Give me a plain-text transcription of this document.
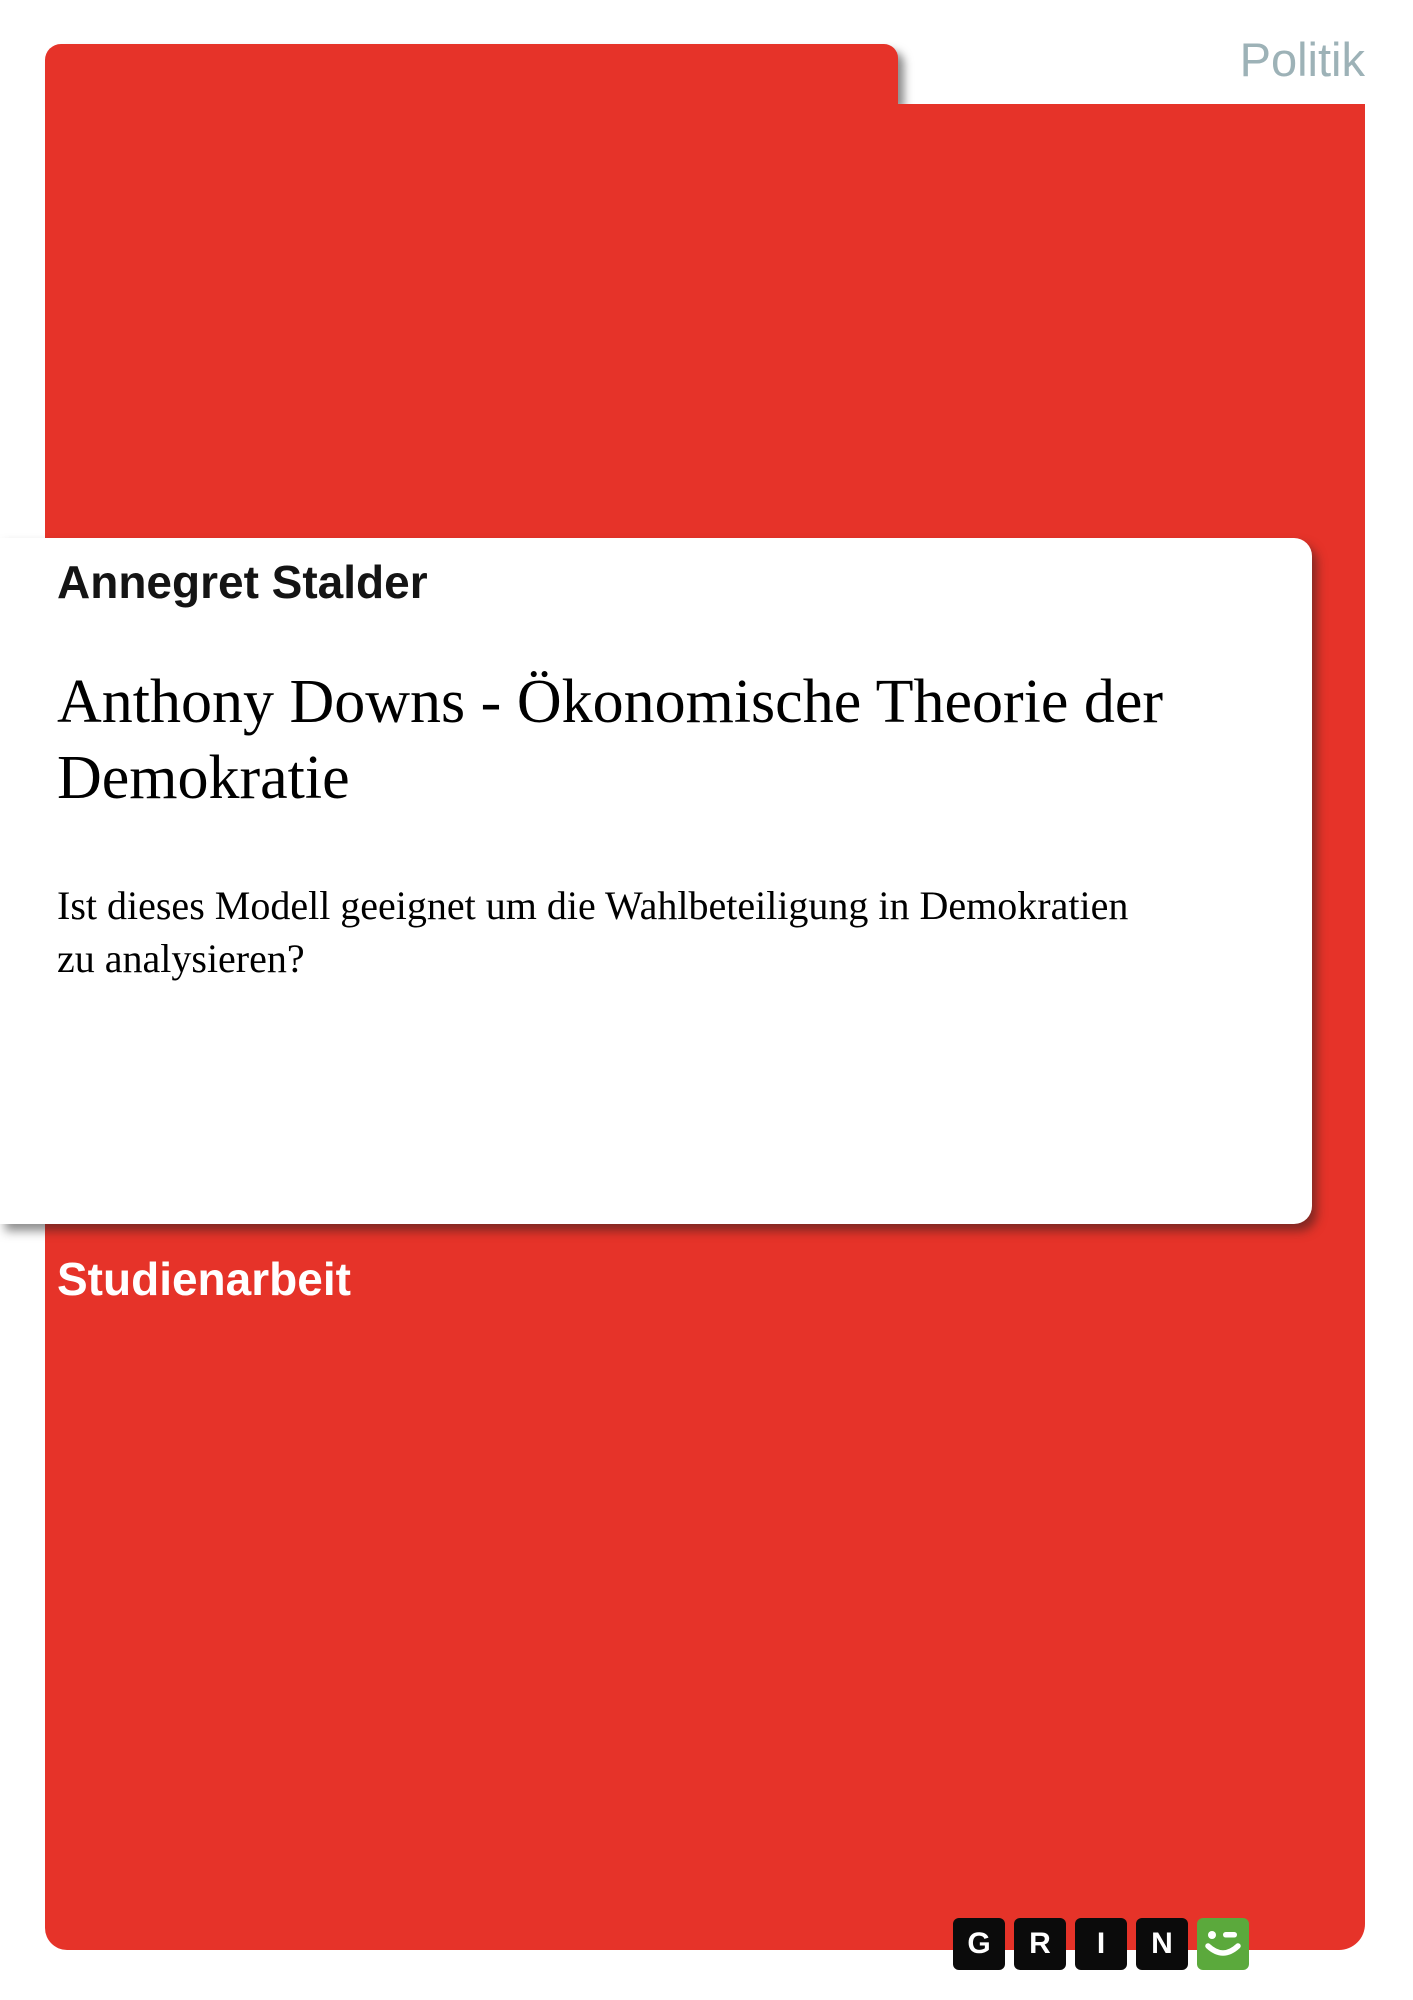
Politik
Annegret Stalder
Anthony Downs - Ökonomische Theorie der Demokratie
Ist dieses Modell geeignet um die Wahlbeteiligung in Demokratien zu analysieren?
Studienarbeit
G	R	I	N
